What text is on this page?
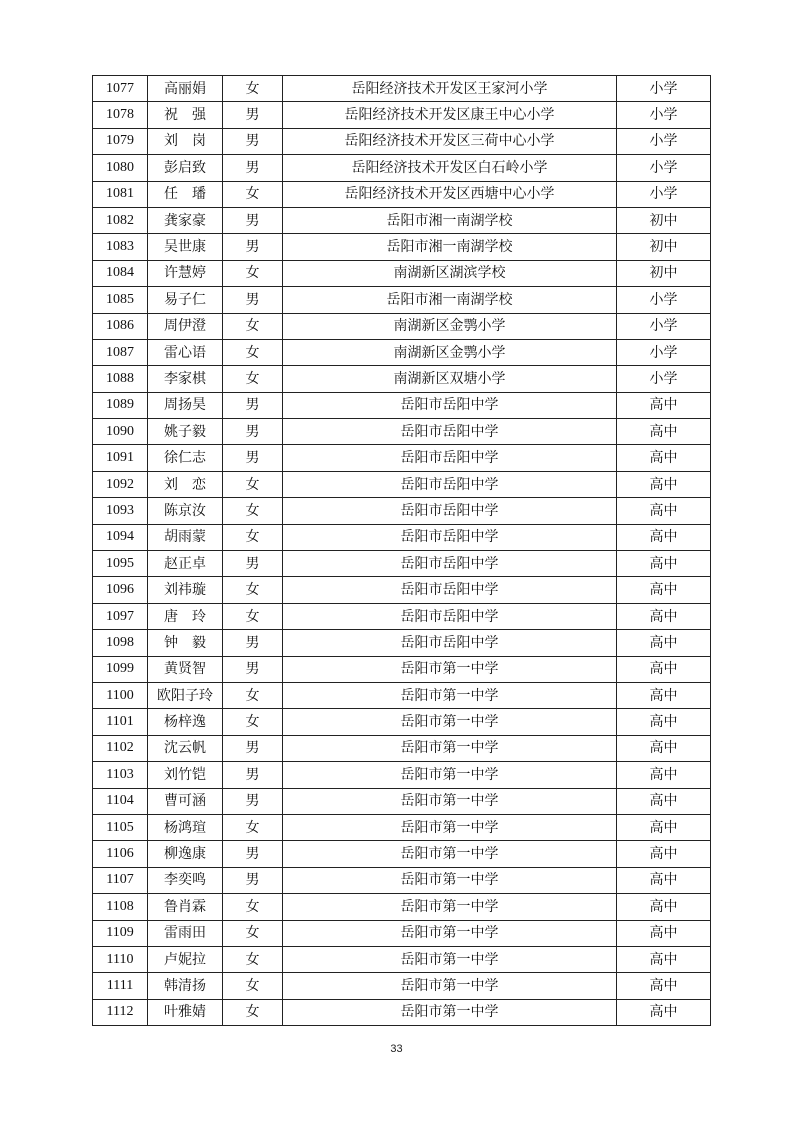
1077	高丽娟	女	岳阳经济技术开发区王家河小学	小学
1078	祝　强	男	岳阳经济技术开发区康王中心小学	小学
1079	刘　岗	男	岳阳经济技术开发区三荷中心小学	小学
1080	彭启致	男	岳阳经济技术开发区白石岭小学	小学
1081	任　璠	女	岳阳经济技术开发区西塘中心小学	小学
1082	龚家豪	男	岳阳市湘一南湖学校	初中
1083	吴世康	男	岳阳市湘一南湖学校	初中
1084	许慧婷	女	南湖新区湖滨学校	初中
1085	易子仁	男	岳阳市湘一南湖学校	小学
1086	周伊澄	女	南湖新区金鹗小学	小学
1087	雷心语	女	南湖新区金鹗小学	小学
1088	李家棋	女	南湖新区双塘小学	小学
1089	周扬昊	男	岳阳市岳阳中学	高中
1090	姚子毅	男	岳阳市岳阳中学	高中
1091	徐仁志	男	岳阳市岳阳中学	高中
1092	刘　恋	女	岳阳市岳阳中学	高中
1093	陈京汝	女	岳阳市岳阳中学	高中
1094	胡雨蒙	女	岳阳市岳阳中学	高中
1095	赵正卓	男	岳阳市岳阳中学	高中
1096	刘祎璇	女	岳阳市岳阳中学	高中
1097	唐　玲	女	岳阳市岳阳中学	高中
1098	钟　毅	男	岳阳市岳阳中学	高中
1099	黄贤智	男	岳阳市第一中学	高中
1100	欧阳子玲	女	岳阳市第一中学	高中
1101	杨梓逸	女	岳阳市第一中学	高中
1102	沈云帆	男	岳阳市第一中学	高中
1103	刘竹铠	男	岳阳市第一中学	高中
1104	曹可涵	男	岳阳市第一中学	高中
1105	杨鸿瑄	女	岳阳市第一中学	高中
1106	柳逸康	男	岳阳市第一中学	高中
1107	李奕鸣	男	岳阳市第一中学	高中
1108	鲁肖霖	女	岳阳市第一中学	高中
1109	雷雨田	女	岳阳市第一中学	高中
1110	卢妮拉	女	岳阳市第一中学	高中
1111	韩清扬	女	岳阳市第一中学	高中
1112	叶雅婧	女	岳阳市第一中学	高中
33
